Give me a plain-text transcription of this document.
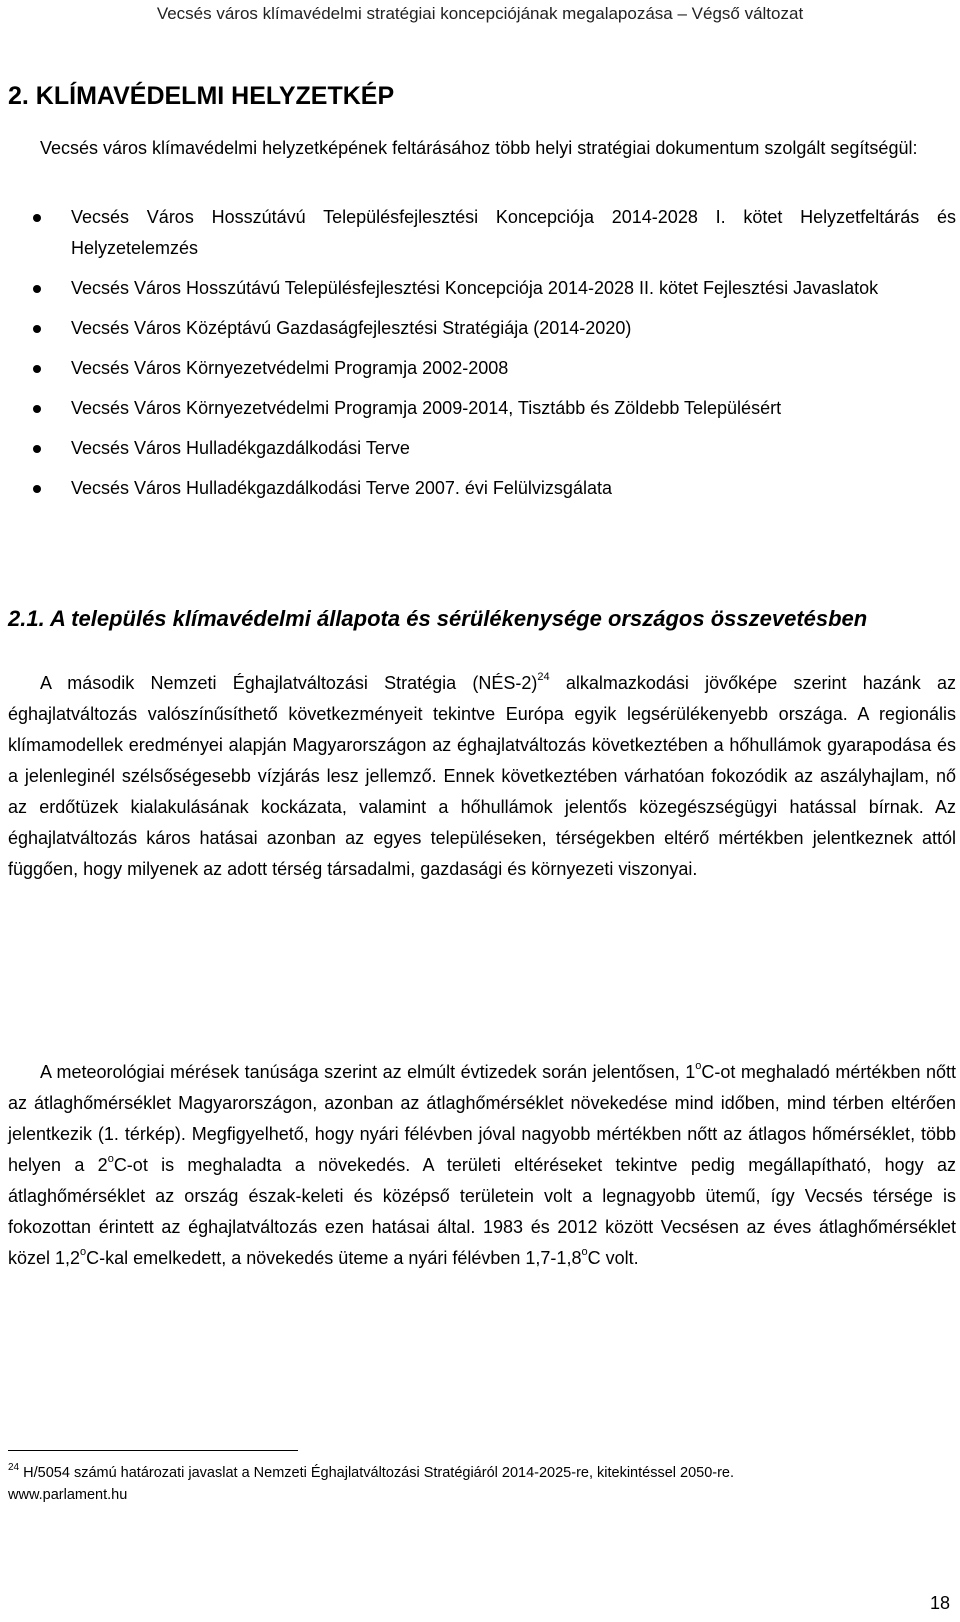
Vecsés város klímavédelmi stratégiai koncepciójának megalapozása – Végső változat
2. KLÍMAVÉDELMI HELYZETKÉP
Vecsés város klímavédelmi helyzetképének feltárásához több helyi stratégiai dokumentum szolgált segítségül:
Vecsés Város Hosszútávú Településfejlesztési Koncepciója 2014-2028 I. kötet Helyzetfeltárás és Helyzetelemzés
Vecsés Város Hosszútávú Településfejlesztési Koncepciója 2014-2028 II. kötet Fejlesztési Javaslatok
Vecsés Város Középtávú Gazdaságfejlesztési Stratégiája (2014-2020)
Vecsés Város Környezetvédelmi Programja 2002-2008
Vecsés Város Környezetvédelmi Programja 2009-2014, Tisztább és Zöldebb Településért
Vecsés Város Hulladékgazdálkodási Terve
Vecsés Város Hulladékgazdálkodási Terve 2007. évi Felülvizsgálata
2.1. A település klímavédelmi állapota és sérülékenysége országos összevetésben
A második Nemzeti Éghajlatváltozási Stratégia (NÉS-2)$^{24}$ alkalmazkodási jövőképe szerint hazánk az éghajlatváltozás valószínűsíthető következményeit tekintve Európa egyik legsérülékenyebb országa. A regionális klímamodellek eredményei alapján Magyarországon az éghajlatváltozás következtében a hőhullámok gyarapodása és a jelenleginél szélsőségesebb vízjárás lesz jellemző. Ennek következtében várhatóan fokozódik az aszályhajlam, nő az erdőtüzek kialakulásának kockázata, valamint a hőhullámok jelentős közegészségügyi hatással bírnak. Az éghajlatváltozás káros hatásai azonban az egyes településeken, térségekben eltérő mértékben jelentkeznek attól függően, hogy milyenek az adott térség társadalmi, gazdasági és környezeti viszonyai.
A meteorológiai mérések tanúsága szerint az elmúlt évtizedek során jelentősen, 1$^o$C-ot meghaladó mértékben nőtt az átlaghőmérséklet Magyarországon, azonban az átlaghőmérséklet növekedése mind időben, mind térben eltérően jelentkezik (1. térkép). Megfigyelhető, hogy nyári félévben jóval nagyobb mértékben nőtt az átlagos hőmérséklet, több helyen a 2$^o$C-ot is meghaladta a növekedés. A területi eltéréseket tekintve pedig megállapítható, hogy az átlaghőmérséklet az ország észak-keleti és középső területein volt a legnagyobb ütemű, így Vecsés térsége is fokozottan érintett az éghajlatváltozás ezen hatásai által. 1983 és 2012 között Vecsésen az éves átlaghőmérséklet közel 1,2$^o$C-kal emelkedett, a növekedés üteme a nyári félévben 1,7-1,8$^o$C volt.
$^{24}$ H/5054 számú határozati javaslat a Nemzeti Éghajlatváltozási Stratégiáról 2014-2025-re, kitekintéssel 2050-re.
www.parlament.hu
18
